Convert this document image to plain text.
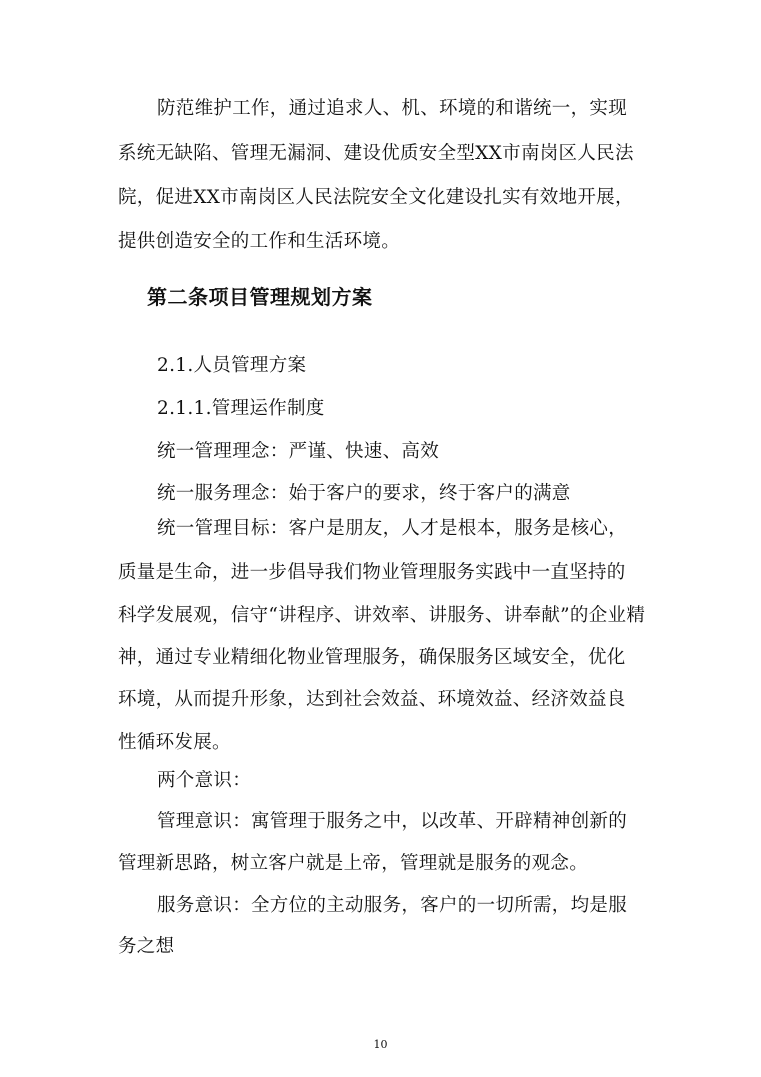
防范维护工作，通过追求人、机、环境的和谐统一，实现
系统无缺陷、管理无漏洞、建设优质安全型XX市南岗区人民法
院，促进XX市南岗区人民法院安全文化建设扎实有效地开展，
提供创造安全的工作和生活环境。
第二条项目管理规划方案
2.1.人员管理方案
2.1.1.管理运作制度
统一管理理念：严谨、快速、高效
统一服务理念：始于客户的要求，终于客户的满意
统一管理目标：客户是朋友，人才是根本，服务是核心，
质量是生命，进一步倡导我们物业管理服务实践中一直坚持的
科学发展观，信守“讲程序、讲效率、讲服务、讲奉献”的企业精
神，通过专业精细化物业管理服务，确保服务区域安全，优化
环境，从而提升形象，达到社会效益、环境效益、经济效益良
性循环发展。
两个意识：
管理意识：寓管理于服务之中，以改革、开辟精神创新的
管理新思路，树立客户就是上帝，管理就是服务的观念。
服务意识：全方位的主动服务，客户的一切所需，均是服
务之想
10
